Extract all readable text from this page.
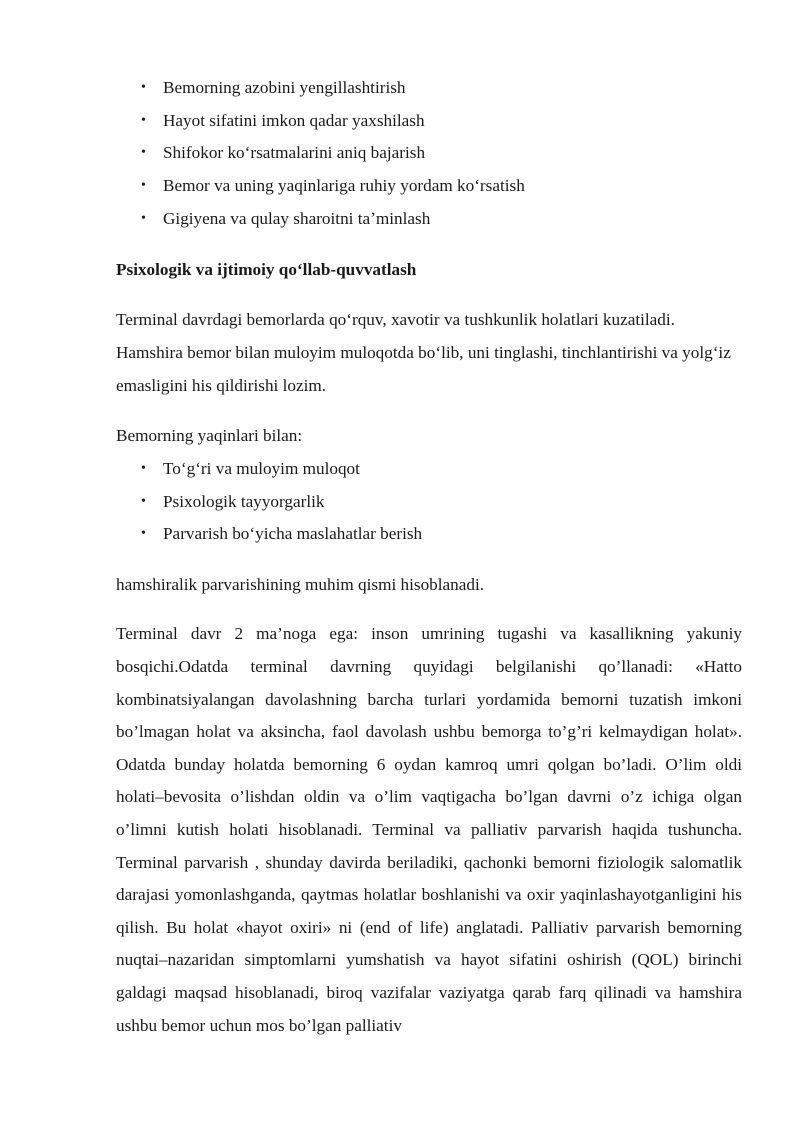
• Bemorning azobini yengillashtirish
• Hayot sifatini imkon qadar yaxshilash
• Shifokor koʻrsatmalarini aniq bajarish
• Bemor va uning yaqinlariga ruhiy yordam koʻrsatish
• Gigiyena va qulay sharoitni taʼminlash
Psixologik va ijtimoiy qoʻllab-quvvatlash

Terminal davrdagi bemorlarda qoʻrquv, xavotir va tushkunlik holatlari kuzatiladi. Hamshira bemor bilan muloyim muloqotda boʻlib, uni tinglashi, tinchlantirishi va yolgʻiz emasligini his qildirishi lozim.

Bemorning yaqinlari bilan:

• Toʻgʻri va muloyim muloqot
• Psixologik tayyorgarlik
• Parvarish boʻyicha maslahatlar berish

hamshiralik parvarishining muhim qismi hisoblanadi.

Terminal davr 2 ma’noga ega: inson umrining tugashi va kasallikning yakuniy bosqichi.Odatda terminal davrning quyidagi belgilanishi qo’llanadi: «Hatto kombinatsiyalangan davolashning barcha turlari yordamida bemorni tuzatish imkoni bo’lmagan holat va aksincha, faol davolash ushbu bemorga to’g’ri kelmaydigan holat». Odatda bunday holatda bemorning 6 oydan kamroq umri qolgan bo’ladi. O’lim oldi holati–bevosita o’lishdan oldin va o’lim vaqtigacha bo’lgan davrni o’z ichiga olgan o’limni kutish holati hisoblanadi. Terminal va palliativ parvarish haqida tushuncha. Terminal parvarish , shunday davirda beriladiki, qachonki bemorni fiziologik salomatlik darajasi yomonlashganda, qaytmas holatlar boshlanishi va oxir yaqinlashayotganligini his qilish. Bu holat «hayot oxiri» ni (end of life) anglatadi. Palliativ parvarish bemorning nuqtai–nazaridan simptomlarni yumshatish va hayot sifatini oshirish (QOL) birinchi galdagi maqsad hisoblanadi, biroq vazifalar vaziyatga qarab farq qilinadi va hamshira ushbu bemor uchun mos bo’lgan palliativ
